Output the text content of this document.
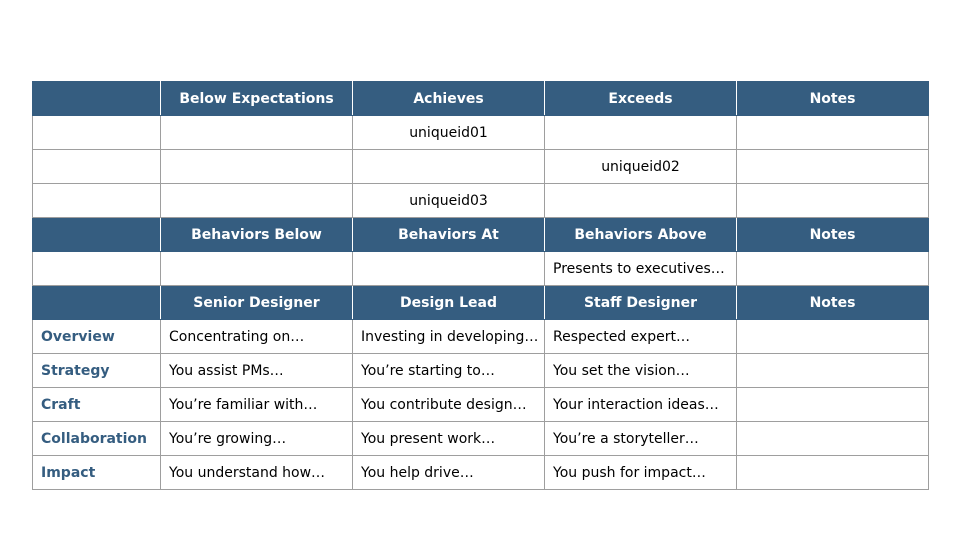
	Below Expectations	Achieves	Exceeds	Notes
		uniqueid01		
			uniqueid02	
		uniqueid03		
	Behaviors Below	Behaviors At	Behaviors Above	Notes
			Presents to executives…	
	Senior Designer	Design Lead	Staff Designer	Notes
Overview	Concentrating on…	Investing in developing…	Respected expert…	
Strategy	You assist PMs…	You’re starting to…	You set the vision…	
Craft	You’re familiar with…	You contribute design…	Your interaction ideas…	
Collaboration	You’re growing…	You present work…	You’re a storyteller…	
Impact	You understand how…	You help drive…	You push for impact…	
